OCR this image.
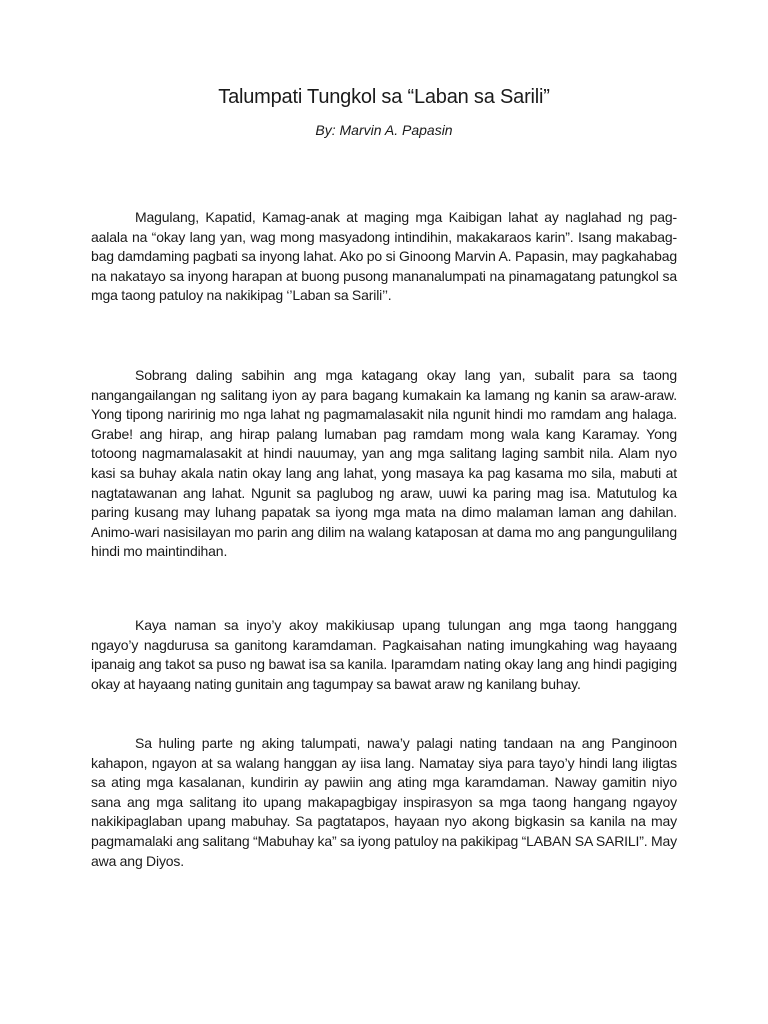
Talumpati Tungkol sa “Laban sa Sarili”

By: Marvin A. Papasin

Magulang, Kapatid, Kamag-anak at maging mga Kaibigan lahat ay naglahad ng pag-aalala na “okay lang yan, wag mong masyadong intindihin, makakaraos karin”. Isang makabag-bag damdaming pagbati sa inyong lahat. Ako po si Ginoong Marvin A. Papasin, may pagkahabag na nakatayo sa inyong harapan at buong pusong mananalumpati na pinamagatang patungkol sa mga taong patuloy na nakikipag ‘’Laban sa Sarili’’.

Sobrang daling sabihin ang mga katagang okay lang yan, subalit para sa taong nangangailangan ng salitang iyon ay para bagang kumakain ka lamang ng kanin sa araw-araw. Yong tipong naririnig mo nga lahat ng pagmamalasakit nila ngunit hindi mo ramdam ang halaga. Grabe! ang hirap, ang hirap palang lumaban pag ramdam mong wala kang Karamay. Yong totoong nagmamalasakit at hindi nauumay, yan ang mga salitang laging sambit nila. Alam nyo kasi sa buhay akala natin okay lang ang lahat, yong masaya ka pag kasama mo sila, mabuti at nagtatawanan ang lahat. Ngunit sa paglubog ng araw, uuwi ka paring mag isa. Matutulog ka paring kusang may luhang papatak sa iyong mga mata na dimo malaman laman ang dahilan. Animo-wari nasisilayan mo parin ang dilim na walang kataposan at dama mo ang pangungulilang hindi mo maintindihan.

Kaya naman sa inyo’y akoy makikiusap upang tulungan ang mga taong hanggang ngayo’y nagdurusa sa ganitong karamdaman. Pagkaisahan nating imungkahing wag hayaang ipanaig ang takot sa puso ng bawat isa sa kanila. Iparamdam nating okay lang ang hindi pagiging okay at hayaang nating gunitain ang tagumpay sa bawat araw ng kanilang buhay.

Sa huling parte ng aking talumpati, nawa’y palagi nating tandaan na ang Panginoon kahapon, ngayon at sa walang hanggan ay iisa lang. Namatay siya para tayo’y hindi lang iligtas sa ating mga kasalanan, kundirin ay pawiin ang ating mga karamdaman. Naway gamitin niyo sana ang mga salitang ito upang makapagbigay inspirasyon sa mga taong hangang ngayoy nakikipaglaban upang mabuhay. Sa pagtatapos, hayaan nyo akong bigkasin sa kanila na may pagmamalaki ang salitang “Mabuhay ka” sa iyong patuloy na pakikipag “LABAN SA SARILI”. May awa ang Diyos.
